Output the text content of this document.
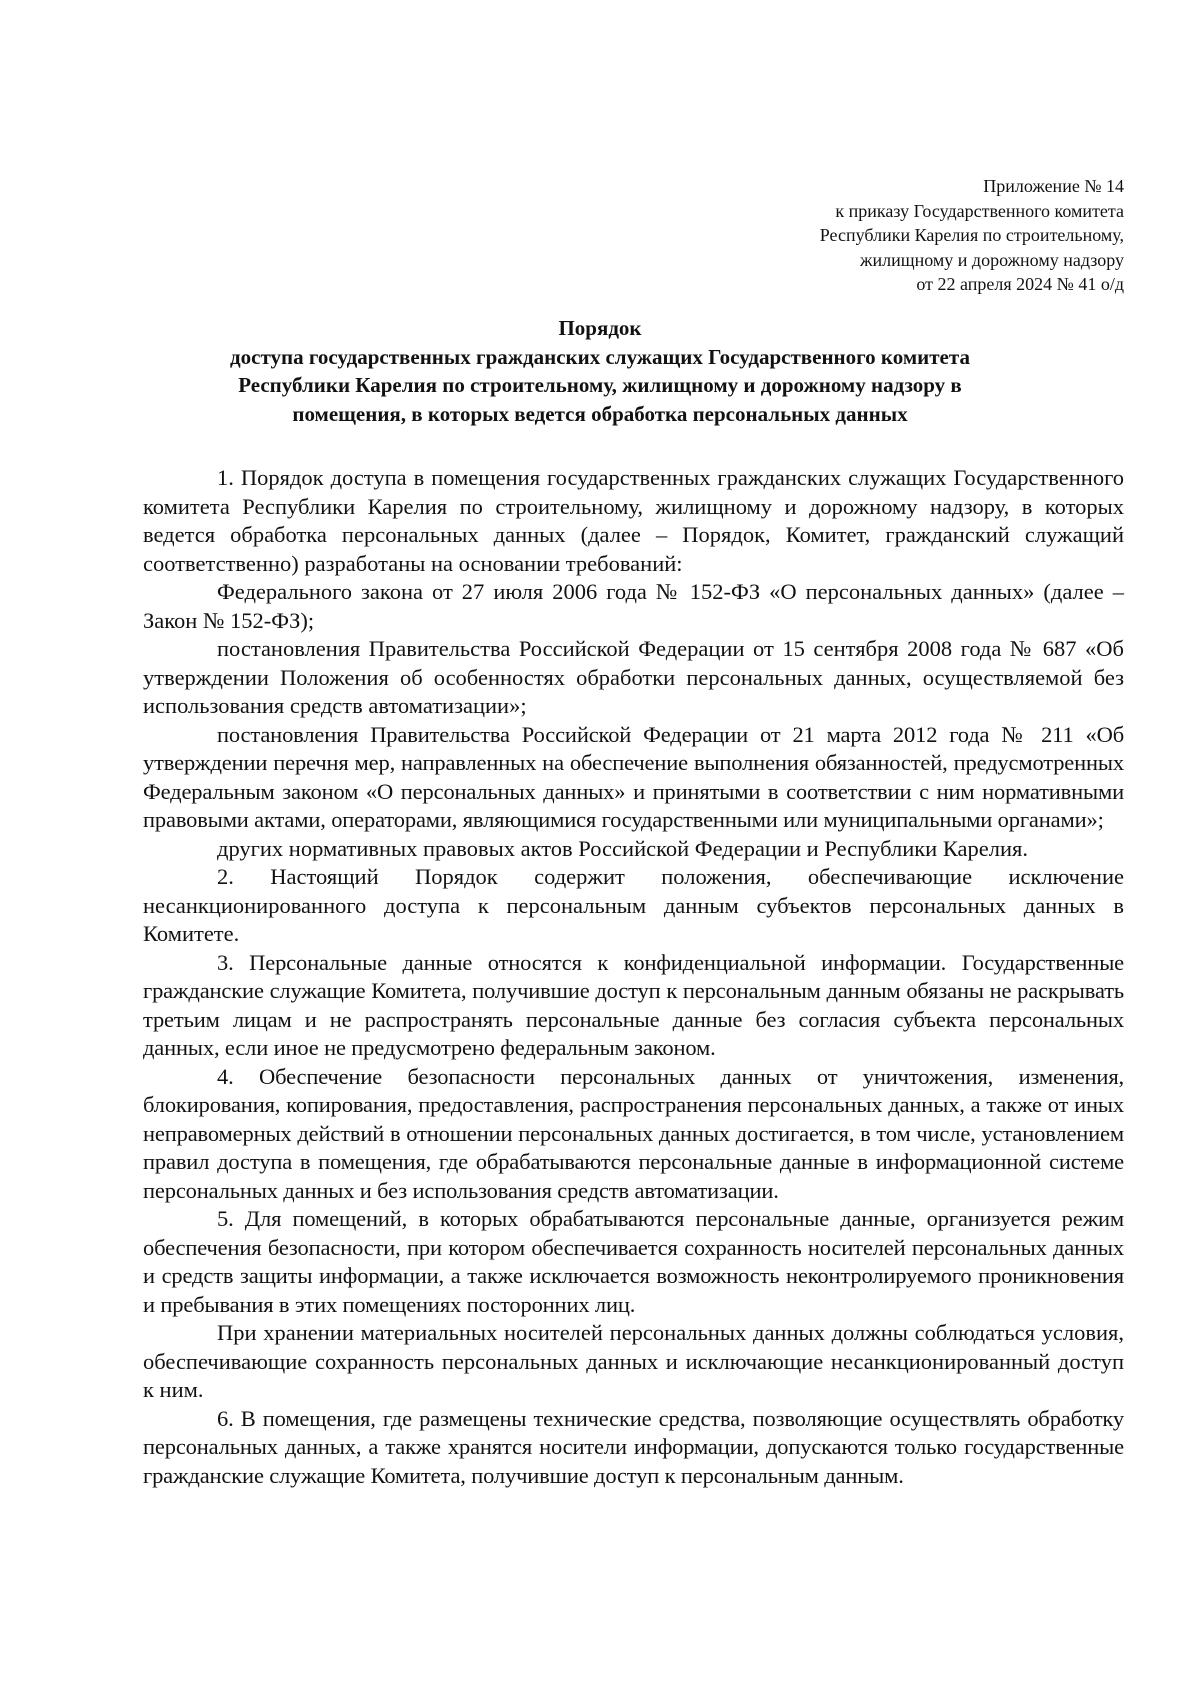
Приложение № 14
к приказу Государственного комитета
Республики Карелия по строительному,
жилищному и дорожному надзору
от 22 апреля 2024 № 41 о/д
Порядок
доступа государственных гражданских служащих Государственного комитета
Республики Карелия по строительному, жилищному и дорожному надзору в
помещения, в которых ведется обработка персональных данных

1. Порядок доступа в помещения государственных гражданских служащих Государственного комитета Республики Карелия по строительному, жилищному и дорожному надзору, в которых ведется обработка персональных данных (далее – Порядок, Комитет, гражданский служащий соответственно) разработаны на основании требований:

Федерального закона от 27 июля 2006 года № 152-ФЗ «О персональных данных» (далее – Закон № 152-ФЗ);

постановления Правительства Российской Федерации от 15 сентября 2008 года № 687 «Об утверждении Положения об особенностях обработки персональных данных, осуществляемой без использования средств автоматизации»;

постановления Правительства Российской Федерации от 21 марта 2012 года № 211 «Об утверждении перечня мер, направленных на обеспечение выполнения обязанностей, предусмотренных Федеральным законом «О персональных данных» и принятыми в соответствии с ним нормативными правовыми актами, операторами, являющимися государственными или муниципальными органами»;

других нормативных правовых актов Российской Федерации и Республики Карелия.

2. Настоящий Порядок содержит положения, обеспечивающие исключение несанкционированного доступа к персональным данным субъектов персональных данных в Комитете.

3. Персональные данные относятся к конфиденциальной информации. Государственные гражданские служащие Комитета, получившие доступ к персональным данным обязаны не раскрывать третьим лицам и не распространять персональные данные без согласия субъекта персональных данных, если иное не предусмотрено федеральным законом.

4. Обеспечение безопасности персональных данных от уничтожения, изменения, блокирования, копирования, предоставления, распространения персональных данных, а также от иных неправомерных действий в отношении персональных данных достигается, в том числе, установлением правил доступа в помещения, где обрабатываются персональные данные в информационной системе персональных данных и без использования средств автоматизации.

5. Для помещений, в которых обрабатываются персональные данные, организуется режим обеспечения безопасности, при котором обеспечивается сохранность носителей персональных данных и средств защиты информации, а также исключается возможность неконтролируемого проникновения и пребывания в этих помещениях посторонних лиц.

При хранении материальных носителей персональных данных должны соблюдаться условия, обеспечивающие сохранность персональных данных и исключающие несанкционированный доступ к ним.

6. В помещения, где размещены технические средства, позволяющие осуществлять обработку персональных данных, а также хранятся носители информации, допускаются только государственные гражданские служащие Комитета, получившие доступ к персональным данным.
